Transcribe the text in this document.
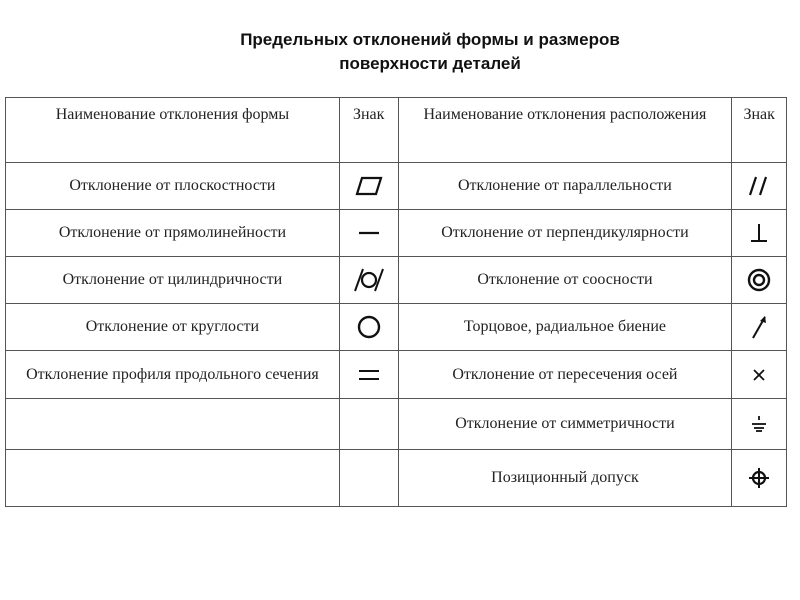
Предельных отклонений формы и размеров
поверхности деталей
Наименование отклонения формы	Знак	Наименование отклонения расположения	Знак
Отклонение от плоскостности		Отклонение от параллельности	

Отклонение от прямолинейности		Отклонение от перпендикулярности	

Отклонение от цилиндричности		Отклонение от соосности	

Отклонение от круглости		Торцовое, радиальное биение	

Отклонение профиля продольного сечения		Отклонение от пересечения осей	

		Отклонение от симметричности	

		Позиционный допуск	
